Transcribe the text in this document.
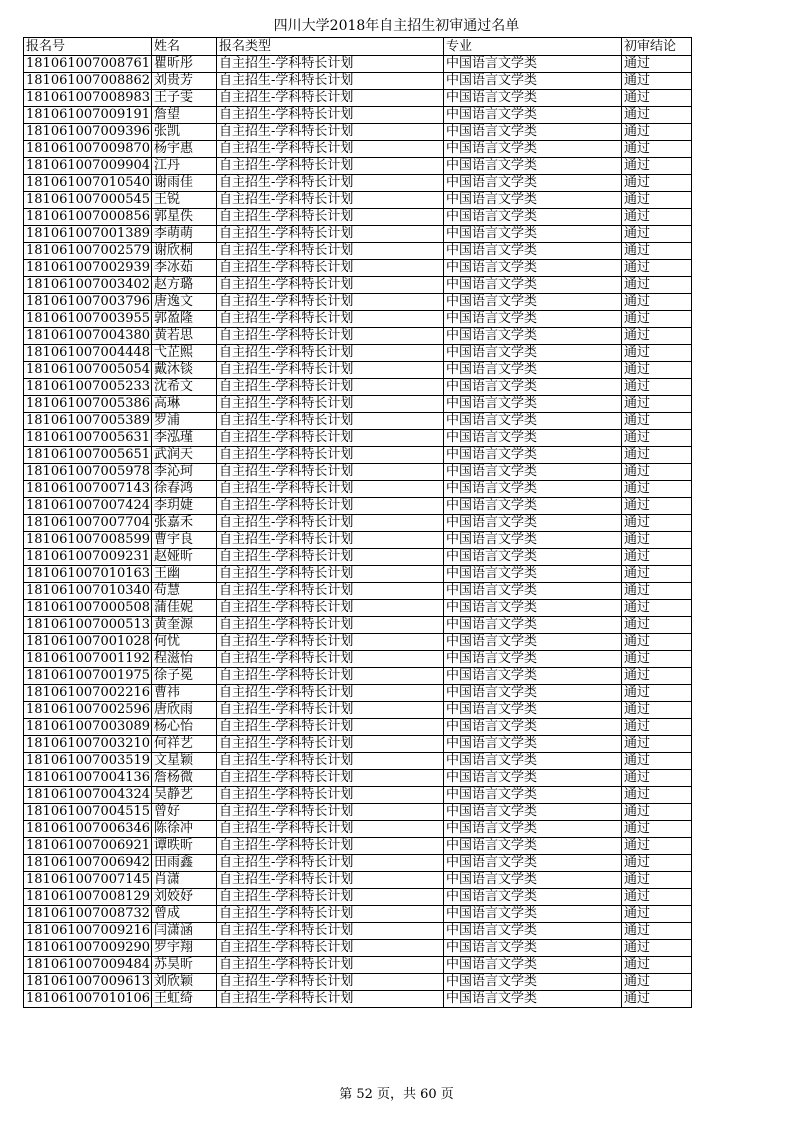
四川大学2018年自主招生初审通过名单
报名号	姓名	报名类型	专业	初审结论
181061007008761	瞿昕彤	自主招生-学科特长计划	中国语言文学类	通过
181061007008862	刘贵芳	自主招生-学科特长计划	中国语言文学类	通过
181061007008983	王子雯	自主招生-学科特长计划	中国语言文学类	通过
181061007009191	詹望	自主招生-学科特长计划	中国语言文学类	通过
181061007009396	张凯	自主招生-学科特长计划	中国语言文学类	通过
181061007009870	杨宇惠	自主招生-学科特长计划	中国语言文学类	通过
181061007009904	江丹	自主招生-学科特长计划	中国语言文学类	通过
181061007010540	谢雨佳	自主招生-学科特长计划	中国语言文学类	通过
181061007000545	王锐	自主招生-学科特长计划	中国语言文学类	通过
181061007000856	郭星佚	自主招生-学科特长计划	中国语言文学类	通过
181061007001389	李萌萌	自主招生-学科特长计划	中国语言文学类	通过
181061007002579	谢欣桐	自主招生-学科特长计划	中国语言文学类	通过
181061007002939	李冰茹	自主招生-学科特长计划	中国语言文学类	通过
181061007003402	赵方璐	自主招生-学科特长计划	中国语言文学类	通过
181061007003796	唐逸文	自主招生-学科特长计划	中国语言文学类	通过
181061007003955	郭盈隆	自主招生-学科特长计划	中国语言文学类	通过
181061007004380	黄若思	自主招生-学科特长计划	中国语言文学类	通过
181061007004448	弋芷熙	自主招生-学科特长计划	中国语言文学类	通过
181061007005054	戴沐锬	自主招生-学科特长计划	中国语言文学类	通过
181061007005233	沈希文	自主招生-学科特长计划	中国语言文学类	通过
181061007005386	高琳	自主招生-学科特长计划	中国语言文学类	通过
181061007005389	罗浦	自主招生-学科特长计划	中国语言文学类	通过
181061007005631	李泓瑾	自主招生-学科特长计划	中国语言文学类	通过
181061007005651	武润天	自主招生-学科特长计划	中国语言文学类	通过
181061007005978	李沁珂	自主招生-学科特长计划	中国语言文学类	通过
181061007007143	徐春鸿	自主招生-学科特长计划	中国语言文学类	通过
181061007007424	李玥婕	自主招生-学科特长计划	中国语言文学类	通过
181061007007704	张嘉禾	自主招生-学科特长计划	中国语言文学类	通过
181061007008599	曹宇良	自主招生-学科特长计划	中国语言文学类	通过
181061007009231	赵娅昕	自主招生-学科特长计划	中国语言文学类	通过
181061007010163	王幽	自主招生-学科特长计划	中国语言文学类	通过
181061007010340	苟慧	自主招生-学科特长计划	中国语言文学类	通过
181061007000508	蒲佳妮	自主招生-学科特长计划	中国语言文学类	通过
181061007000513	黄奎源	自主招生-学科特长计划	中国语言文学类	通过
181061007001028	何忧	自主招生-学科特长计划	中国语言文学类	通过
181061007001192	程滋怡	自主招生-学科特长计划	中国语言文学类	通过
181061007001975	徐子冕	自主招生-学科特长计划	中国语言文学类	通过
181061007002216	曹祎	自主招生-学科特长计划	中国语言文学类	通过
181061007002596	唐欣雨	自主招生-学科特长计划	中国语言文学类	通过
181061007003089	杨心怡	自主招生-学科特长计划	中国语言文学类	通过
181061007003210	何祥艺	自主招生-学科特长计划	中国语言文学类	通过
181061007003519	文星颖	自主招生-学科特长计划	中国语言文学类	通过
181061007004136	詹杨微	自主招生-学科特长计划	中国语言文学类	通过
181061007004324	吴静艺	自主招生-学科特长计划	中国语言文学类	通过
181061007004515	曾好	自主招生-学科特长计划	中国语言文学类	通过
181061007006346	陈徐冲	自主招生-学科特长计划	中国语言文学类	通过
181061007006921	谭昳昕	自主招生-学科特长计划	中国语言文学类	通过
181061007006942	田雨鑫	自主招生-学科特长计划	中国语言文学类	通过
181061007007145	肖潇	自主招生-学科特长计划	中国语言文学类	通过
181061007008129	刘姣妤	自主招生-学科特长计划	中国语言文学类	通过
181061007008732	曾成	自主招生-学科特长计划	中国语言文学类	通过
181061007009216	闫潇涵	自主招生-学科特长计划	中国语言文学类	通过
181061007009290	罗宇翔	自主招生-学科特长计划	中国语言文学类	通过
181061007009484	苏昊昕	自主招生-学科特长计划	中国语言文学类	通过
181061007009613	刘欣颖	自主招生-学科特长计划	中国语言文学类	通过
181061007010106	王虹绮	自主招生-学科特长计划	中国语言文学类	通过
第 52 页，共 60 页
